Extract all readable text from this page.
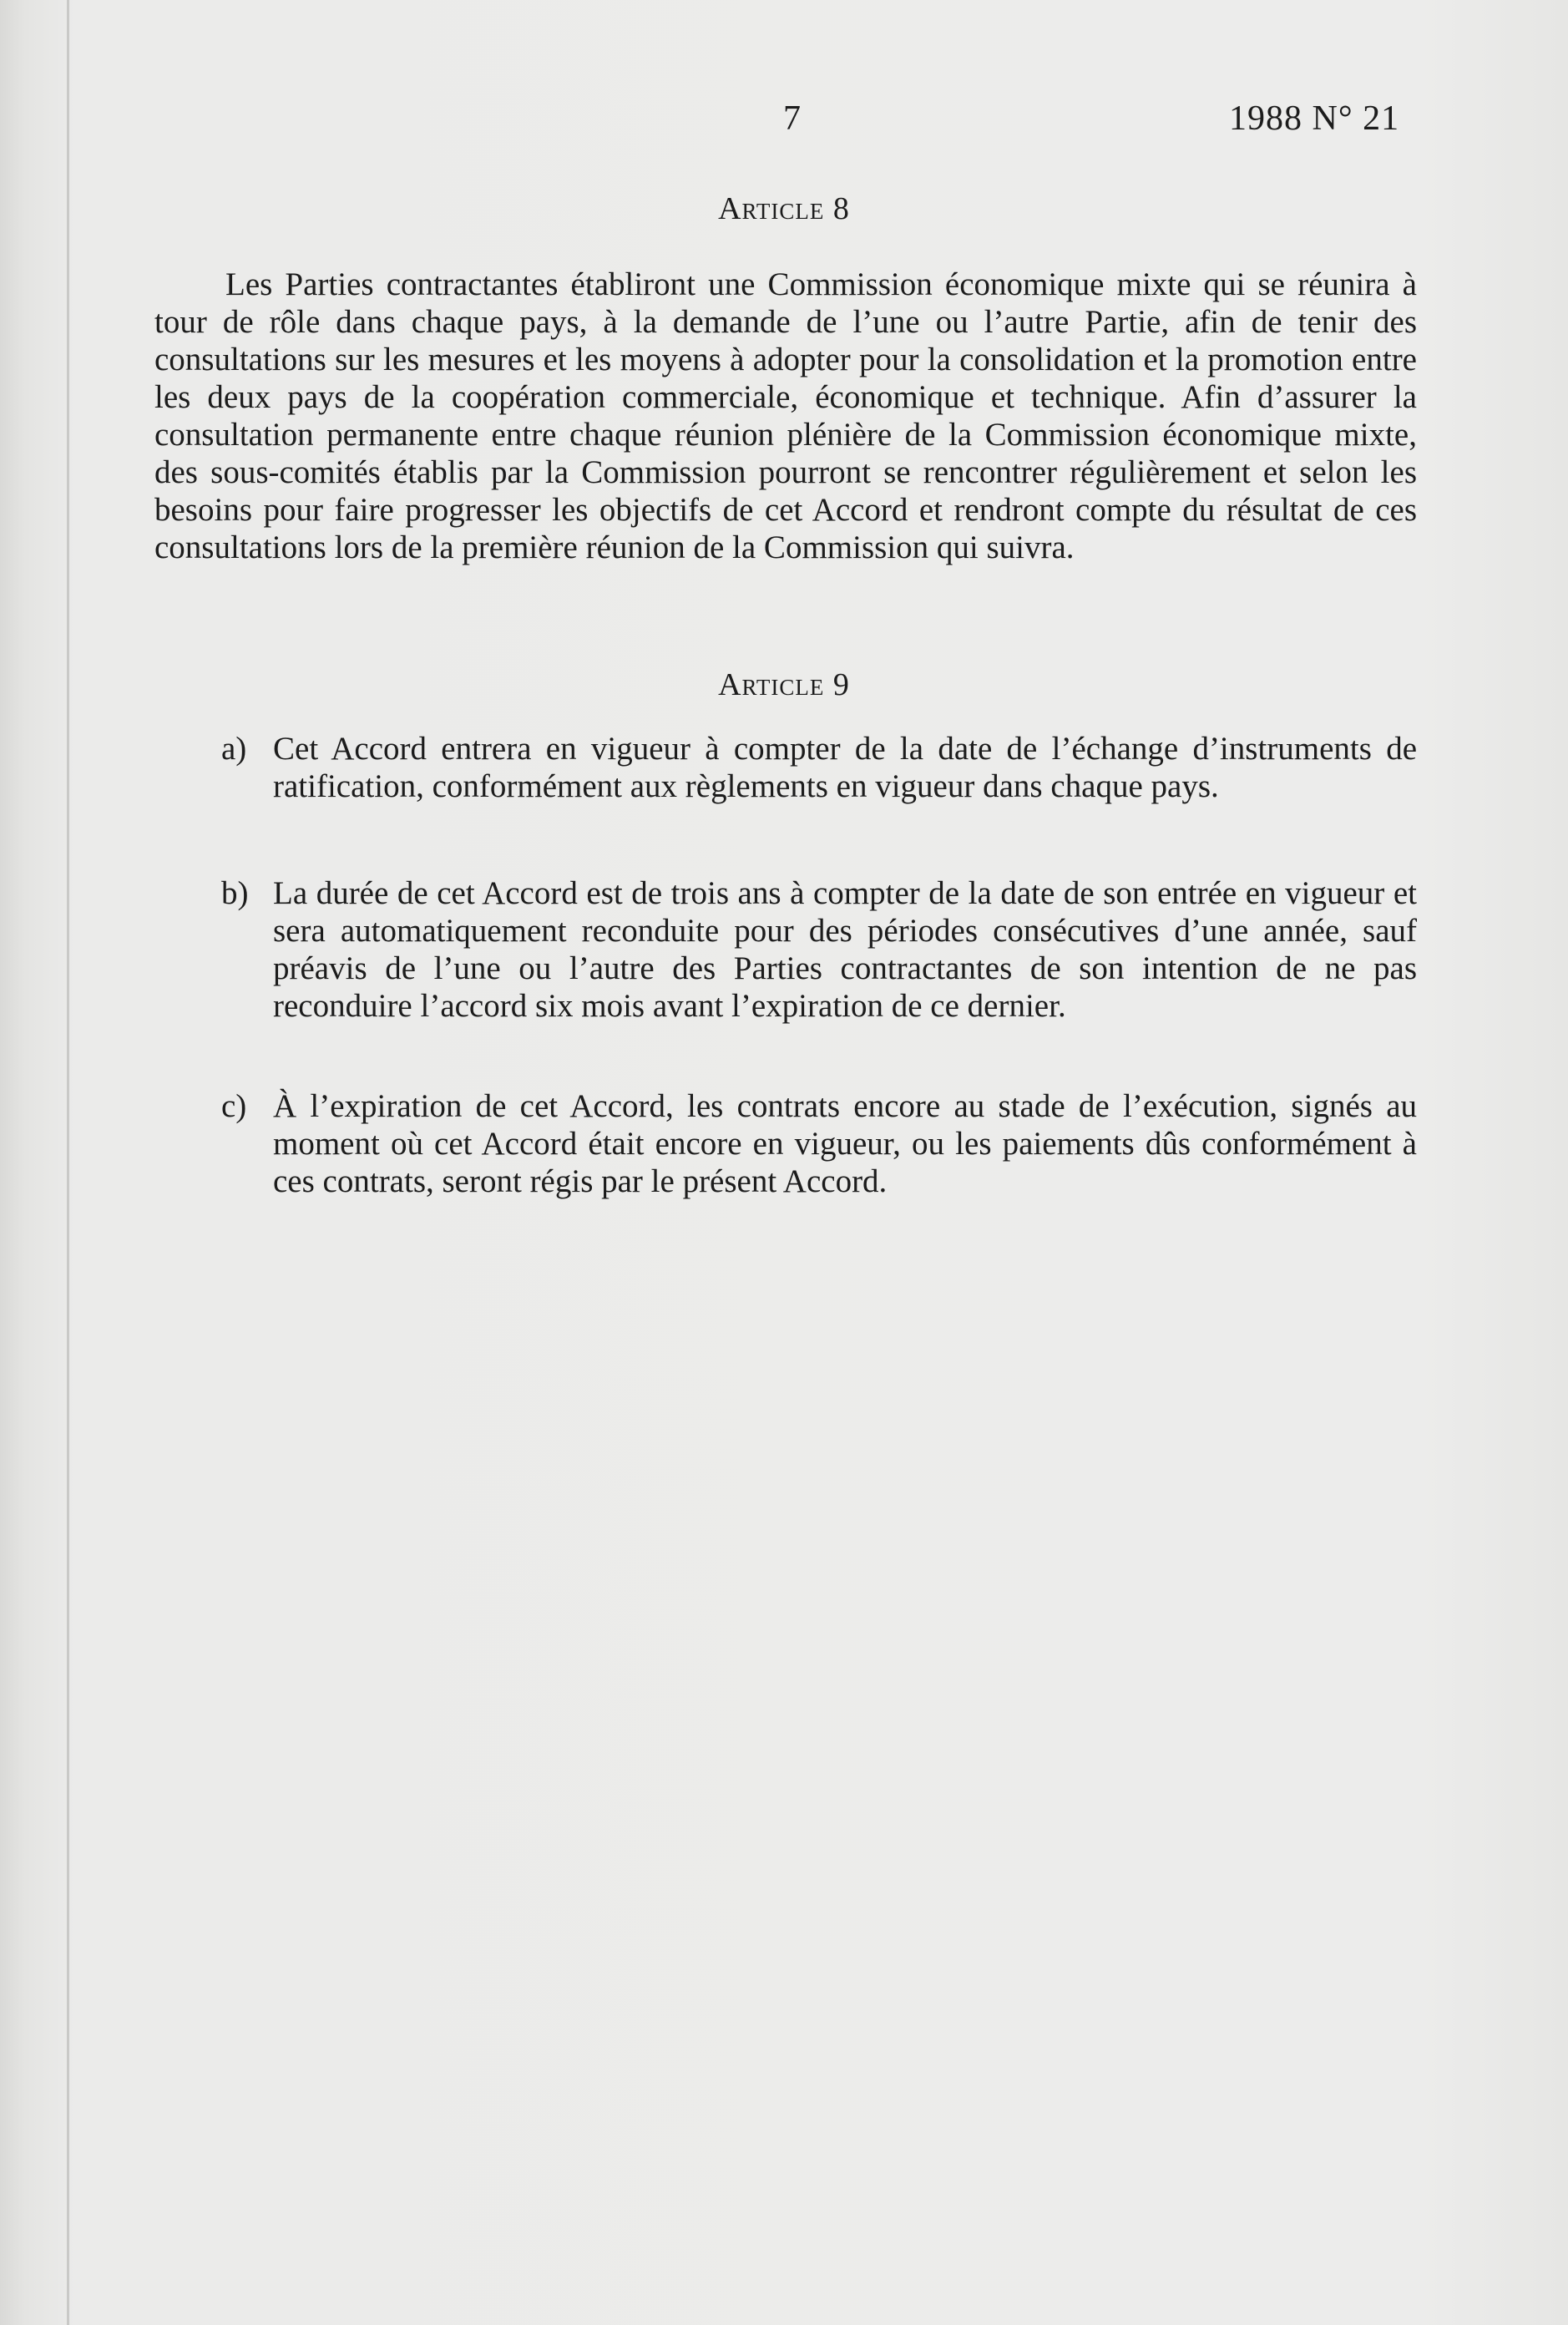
7	1988 N° 21
Article 8
Les Parties contractantes établiront une Commission économique mixte qui se réunira à tour de rôle dans chaque pays, à la demande de l’une ou l’autre Partie, afin de tenir des consultations sur les mesures et les moyens à adopter pour la consolidation et la promotion entre les deux pays de la coopération commerciale, économique et technique. Afin d’assurer la consultation permanente entre chaque réunion plénière de la Commission économique mixte, des sous-comités établis par la Commission pourront se rencontrer régulièrement et selon les besoins pour faire progresser les objectifs de cet Accord et rendront compte du résultat de ces consultations lors de la première réunion de la Commission qui suivra.
Article 9
a) Cet Accord entrera en vigueur à compter de la date de l’échange d’instruments de ratification, conformément aux règlements en vigueur dans chaque pays.
b) La durée de cet Accord est de trois ans à compter de la date de son entrée en vigueur et sera automatiquement reconduite pour des périodes consécutives d’une année, sauf préavis de l’une ou l’autre des Parties contractantes de son intention de ne pas reconduire l’accord six mois avant l’expiration de ce dernier.
c) À l’expiration de cet Accord, les contrats encore au stade de l’exécution, signés au moment où cet Accord était encore en vigueur, ou les paiements dûs conformément à ces contrats, seront régis par le présent Accord.
